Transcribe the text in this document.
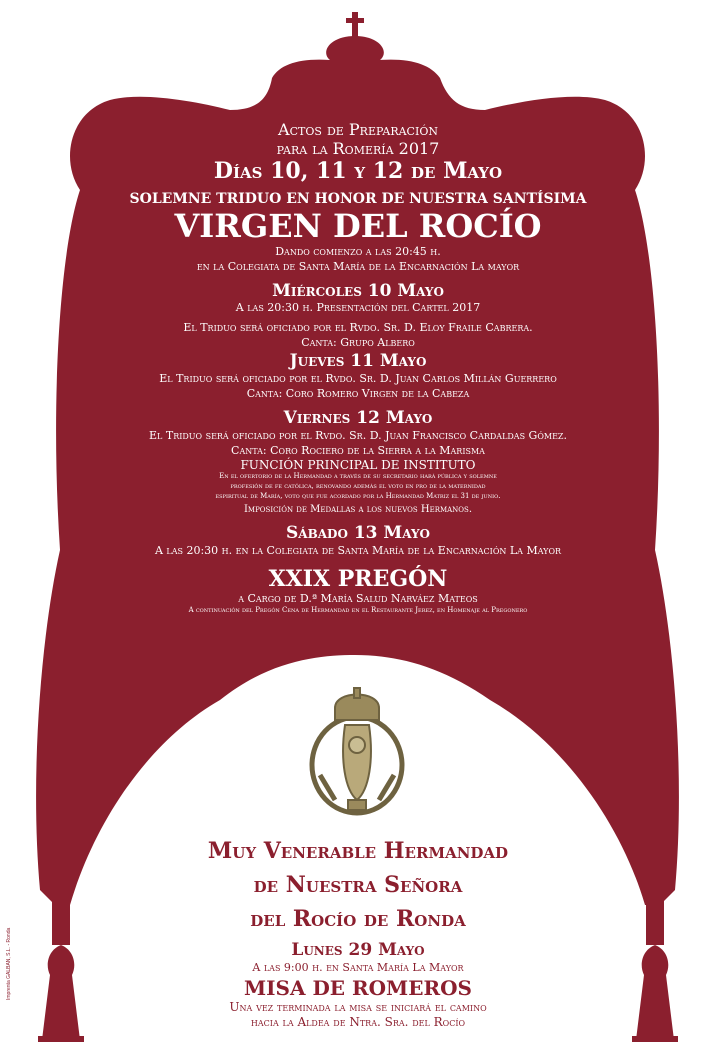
Actos de Preparación
para la Romería 2017
Días 10, 11 y 12 de Mayo
SOLEMNE TRIDUO EN HONOR DE NUESTRA SANTÍSIMA
VIRGEN DEL ROCÍO
Dando comienzo a las 20:45 h.
en la Colegiata de Santa María de la Encarnación La mayor
Miércoles 10 Mayo
A las 20:30 h. Presentación del Cartel 2017
El Triduo será oficiado por el Rvdo. Sr. D. Eloy Fraile Cabrera.
Canta: Grupo Albero
Jueves 11 Mayo
El Triduo será oficiado por el Rvdo. Sr. D. Juan Carlos Millán Guerrero
Canta: Coro Romero Virgen de la Cabeza
Viernes 12 Mayo
El Triduo será oficiado por el Rvdo. Sr. D. Juan Francisco Cardaldas Gómez.
Canta: Coro Rociero de la Sierra a la Marisma
FUNCIÓN PRINCIPAL DE INSTITUTO
En el ofertorio de la Hermandad a través de su secretario hará pública y solemne
profesión de fe católica, renovando además el voto en pro de la maternidad
espiritual de María, voto que fue acordado por la Hermandad Matriz el 31 de junio.
Imposición de Medallas a los nuevos Hermanos.
Sábado 13 Mayo
A las 20:30 h. en la Colegiata de Santa María de la Encarnación La Mayor
XXIX PREGÓN
a Cargo de D.ª María Salud Narváez Mateos
A continuación del Pregón Cena de Hermandad en el Restaurante Jerez, en Homenaje al Pregonero
Muy Venerable Hermandad
de Nuestra Señora
del Rocío de Ronda
Lunes 29 Mayo
A las 9:00 h. en Santa María La Mayor
MISA DE ROMEROS
Una vez terminada la misa se iniciará el camino
hacia la Aldea de Ntra. Sra. del Rocío
Imprenta GALBAN, S.L. - Ronda
